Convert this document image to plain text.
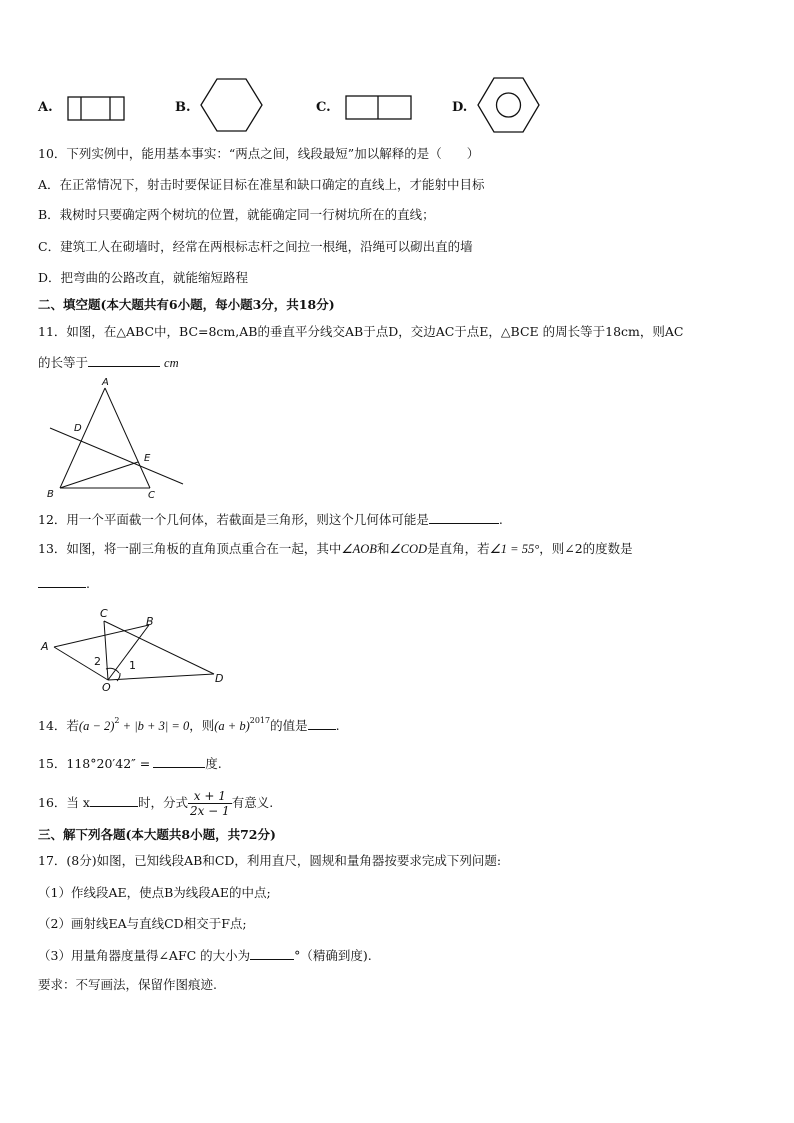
A.	B.	C.	D.
10．下列实例中，能用基本事实：“两点之间，线段最短”加以解释的是（　　）
A．在正常情况下，射击时要保证目标在准星和缺口确定的直线上，才能射中目标
B．栽树时只要确定两个树坑的位置，就能确定同一行树坑所在的直线；
C．建筑工人在砌墙时，经常在两根标志杆之间拉一根绳，沿绳可以砌出直的墙
D．把弯曲的公路改直，就能缩短路程
二、填空题(本大题共有6小题，每小题3分，共18分)
11．如图，在△ABC中，BC=8cm,AB的垂直平分线交AB于点D，交边AC于点E，△BCE 的周长等于18cm，则AC
的长等于	cm
A
D
E
B	C
12．用一个平面截一个几何体，若截面是三角形，则这个几何体可能是	.
13．如图，将一副三角板的直角顶点重合在一起，其中∠AOB和∠COD是直角，若∠1 = 55°，则∠2的度数是
.
C
B
A
D
O
2	1
14．若$(a - 2)^2 + |b + 3| = 0$，则$(a + b)^{2017}$的值是 .
15．118°20′42″ =	度.
16．当 x	时，分式 $\frac{x + 1}{2x - 1}$ 有意义.
三、解下列各题(本大题共8小题，共72分)
17．(8分)如图，已知线段AB和CD，利用直尺，圆规和量角器按要求完成下列问题:
（1）作线段AE，使点B为线段AE的中点;
（2）画射线EA与直线CD相交于F点;
（3）用量角器度量得∠AFC 的大小为	°（精确到度).
要求：不写画法，保留作图痕迹.
